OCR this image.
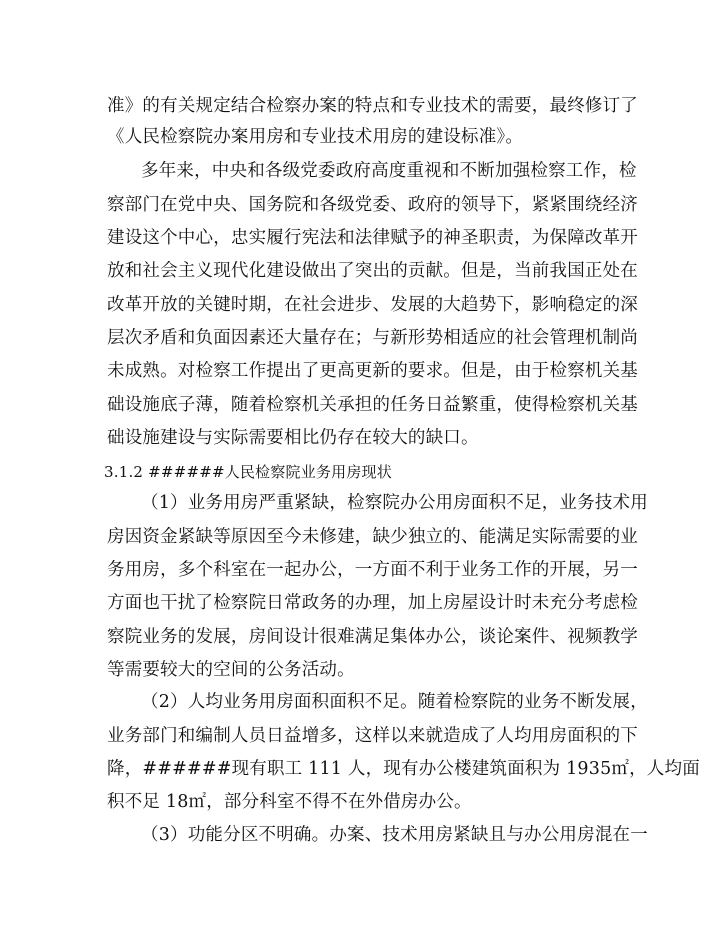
准》的有关规定结合检察办案的特点和专业技术的需要，最终修订了
《人民检察院办案用房和专业技术用房的建设标准》。
多年来，中央和各级党委政府高度重视和不断加强检察工作，检
察部门在党中央、国务院和各级党委、政府的领导下，紧紧围绕经济
建设这个中心，忠实履行宪法和法律赋予的神圣职责，为保障改革开
放和社会主义现代化建设做出了突出的贡献。但是，当前我国正处在
改革开放的关键时期，在社会进步、发展的大趋势下，影响稳定的深
层次矛盾和负面因素还大量存在；与新形势相适应的社会管理机制尚
未成熟。对检察工作提出了更高更新的要求。但是，由于检察机关基
础设施底子薄，随着检察机关承担的任务日益繁重，使得检察机关基
础设施建设与实际需要相比仍存在较大的缺口。
3.1.2 ######人民检察院业务用房现状
（1）业务用房严重紧缺，检察院办公用房面积不足，业务技术用
房因资金紧缺等原因至今未修建，缺少独立的、能满足实际需要的业
务用房，多个科室在一起办公，一方面不利于业务工作的开展，另一
方面也干扰了检察院日常政务的办理，加上房屋设计时未充分考虑检
察院业务的发展，房间设计很难满足集体办公，谈论案件、视频教学
等需要较大的空间的公务活动。
（2）人均业务用房面积面积不足。随着检察院的业务不断发展，
业务部门和编制人员日益增多，这样以来就造成了人均用房面积的下
降，######现有职工 111 人，现有办公楼建筑面积为 1935㎡，人均面
积不足 18㎡，部分科室不得不在外借房办公。
（3）功能分区不明确。办案、技术用房紧缺且与办公用房混在一
